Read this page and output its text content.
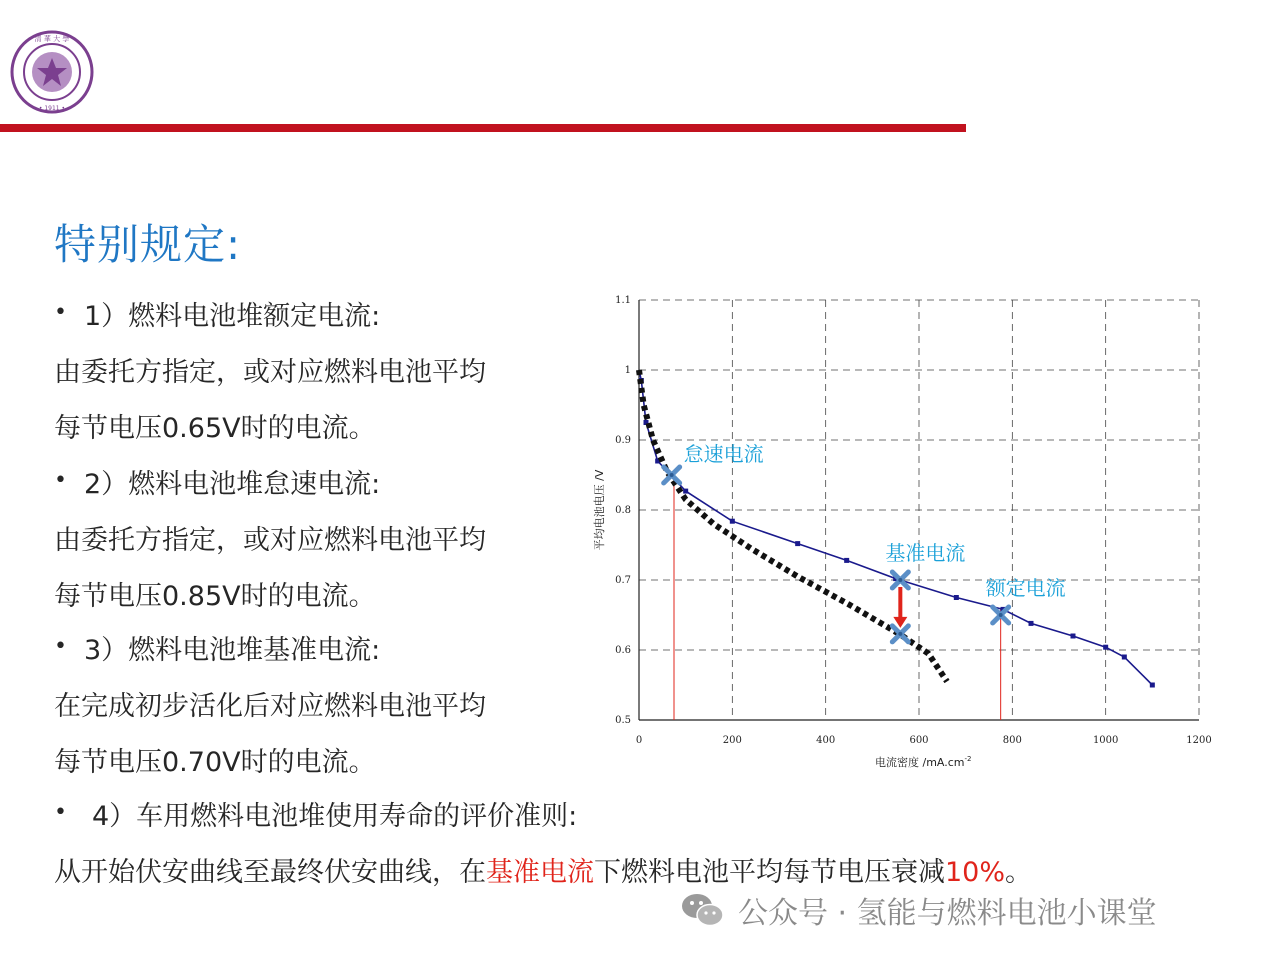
清 華 大 學
• 1911 •
特别规定:
• 1）燃料电池堆额定电流:
由委托方指定，或对应燃料电池平均
每节电压0.65V时的电流。
• 2）燃料电池堆怠速电流:
由委托方指定，或对应燃料电池平均
每节电压0.85V时的电流。
• 3）燃料电池堆基准电流:
在完成初步活化后对应燃料电池平均
每节电压0.70V时的电流。
• 4）车用燃料电池堆使用寿命的评价准则:
从开始伏安曲线至最终伏安曲线，在基准电流下燃料电池平均每节电压衰减10%。
0	200	400	600	800	1000	1200
0.5
0.6
0.7
0.8
0.9
1
1.1
怠速电流
基准电流
额定电流
平均电池电压 /V
电流密度 $/mA.cm^{-2}$
公众号 · 氢能与燃料电池小课堂
